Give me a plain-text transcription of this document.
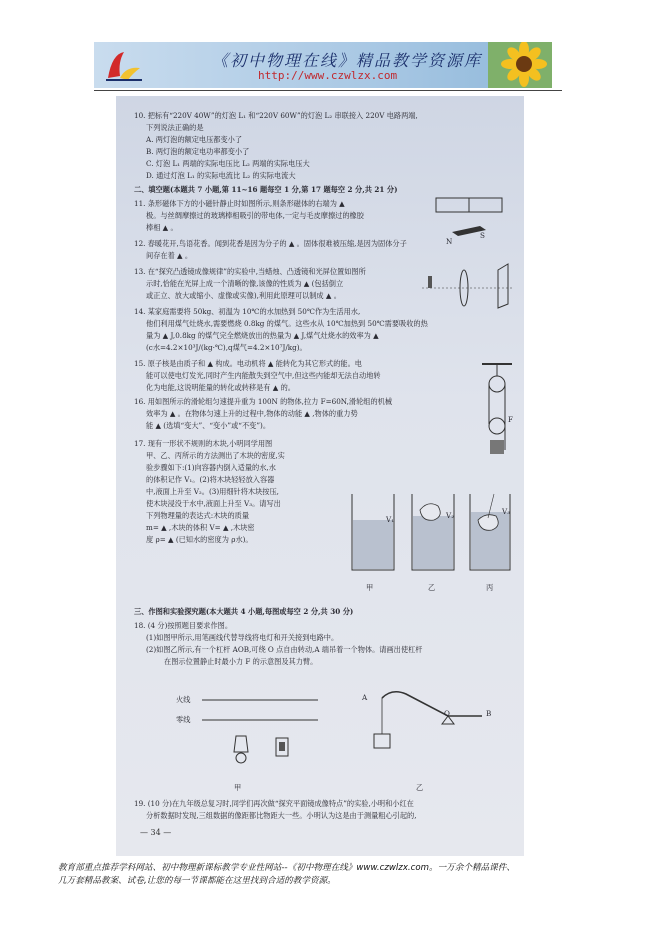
《初中物理在线》精品教学资源库
http://www.czwlzx.com
10. 把标有“220V 40W”的灯泡 L₁ 和“220V 60W”的灯泡 L₂ 串联接入 220V 电路两端,
下列说法正确的是
A. 两灯泡的额定电压都变小了
B. 两灯泡的额定电功率都变小了
C. 灯泡 L₁ 两端的实际电压比 L₂ 两端的实际电压大
D. 通过灯泡 L₁ 的实际电流比 L₂ 的实际电流大
二、填空题(本题共 7 小题,第 11~16 题每空 1 分,第 17 题每空 2 分,共 21 分)
N
S
11. 条形磁体下方的小磁针静止时如图所示,则条形磁体的右端为 ▲
极。与丝绸摩擦过的玻璃棒相吸引的带电体,一定与毛皮摩擦过的橡胶
棒相 ▲ 。
12. 春暖花开,鸟语花香。闻到花香是因为分子的 ▲ 。固体很难被压缩,是因为固体分子
间存在着 ▲ 。
13. 在“探究凸透镜成像规律”的实验中,当蜡烛、凸透镜和光屏位置如图所
示时,恰能在光屏上成一个清晰的像,该像的性质为 ▲ (包括倒立
或正立、放大或缩小、虚像或实像),利用此原理可以制成 ▲ 。
14. 某家庭需要将 50kg、初温为 10℃的水加热到 50℃作为生活用水,
他们利用煤气灶烧水,需要燃烧 0.8kg 的煤气。这些水从 10℃加热到 50℃需要吸收的热
量为 ▲ J,0.8kg 的煤气完全燃烧放出的热量为 ▲ J,煤气灶烧水的效率为 ▲
(c水=4.2×10³J/(kg·℃),q煤气=4.2×10⁷J/kg)。
15. 原子核是由质子和 ▲ 构成。电动机将 ▲ 能转化为其它形式的能。电
能可以使电灯发光,同时产生内能散失到空气中,但这些内能却无法自动地转
化为电能,这说明能量的转化或转移是有 ▲ 的。
F
16. 用如图所示的滑轮组匀速提升重为 100N 的物体,拉力 F=60N,滑轮组的机械
效率为 ▲ 。在物体匀速上升的过程中,物体的动能 ▲ ,物体的重力势
能 ▲ (选填“变大”、“变小”或“不变”)。
17. 现有一形状不规则的木块,小明同学用图
甲、乙、丙所示的方法测出了木块的密度,实
验步骤如下:(1)向容器内倒入适量的水,水
的体积记作 V₁。(2)将木块轻轻放入容器
中,液面上升至 V₂。(3)用细针将木块按压,
使木块浸没于水中,液面上升至 V₃。请写出
下列物理量的表达式:木块的质量
m= ▲ ,木块的体积 V= ▲ ,木块密
度 ρ= ▲ (已知水的密度为 ρ水)。
V₁	V₂	V₃
甲	乙	丙
三、作图和实验探究题(本大题共 4 小题,每图或每空 2 分,共 30 分)
18. (4 分)按照题目要求作图。
(1)如图甲所示,用笔画线代替导线将电灯和开关接到电路中。
(2)如图乙所示,有一个杠杆 AOB,可绕 O 点自由转动,A 端吊着一个物体。请画出使杠杆
在图示位置静止时最小力 F 的示意图及其力臂。
火线
零线
甲
A
O	B
乙
19. (10 分)在九年级总复习时,同学们再次做“探究平面镜成像特点”的实验,小明和小红在
分析数据时发现,三组数据的像距都比物距大一些。小明认为这是由于测量粗心引起的,
— 34 —
教育部重点推荐学科网站、初中物理新课标教学专业性网站--《初中物理在线》www.czwlzx.com。一万余个精品课件、
几万套精品教案、试卷,让您的每一节课都能在这里找到合适的教学资源。
